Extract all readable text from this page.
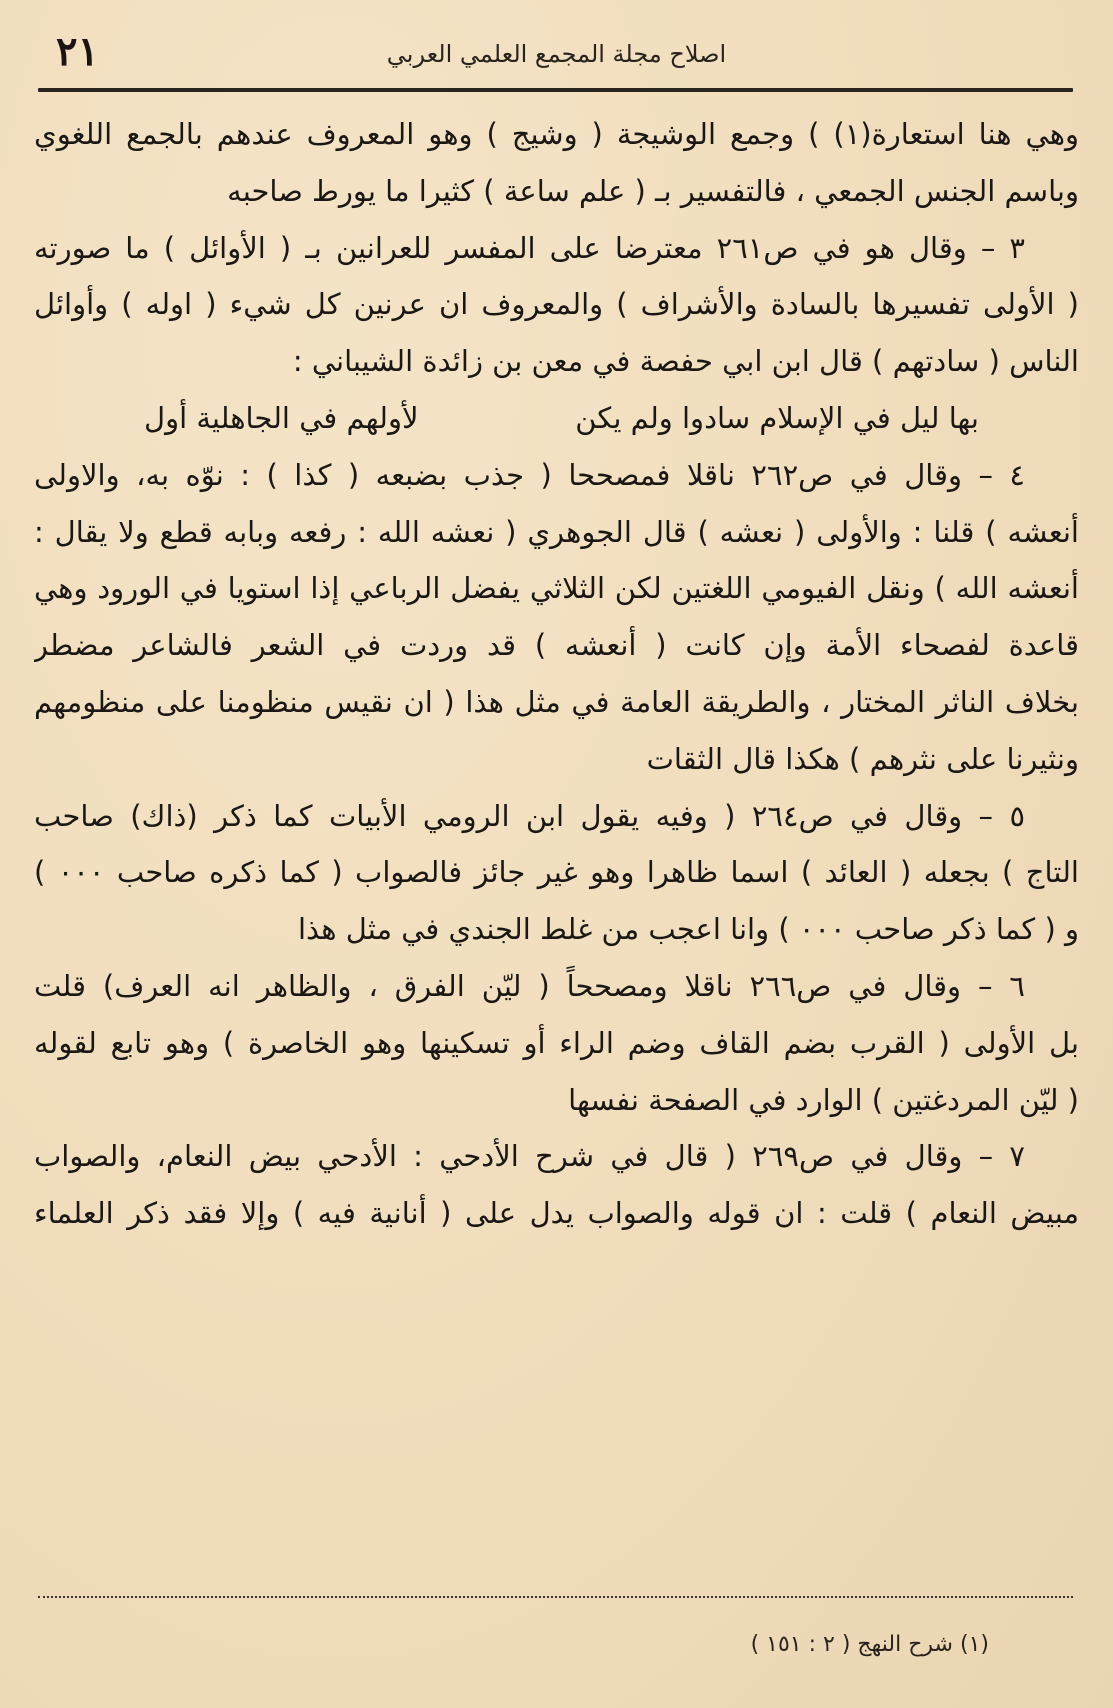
٢١	اصلاح مجلة المجمع العلمي العربي
وهي هنا استعارة(١) ) وجمع الوشيجة ( وشيج ) وهو المعروف عندهم بالجمع اللغوي
وباسم الجنس الجمعي ، فالتفسير بـ ( علم ساعة ) كثيرا ما يورط صاحبه
٣ – وقال هو في ص٢٦١ معترضا على المفسر للعرانين بـ ( الأوائل ) ما صورته
( الأولى تفسيرها بالسادة والأشراف ) والمعروف ان عرنين كل شيء ( اوله ) وأوائل
الناس ( سادتهم ) قال ابن ابي حفصة في معن بن زائدة الشيباني :
بها ليل في الإسلام سادوا ولم يكن
لأولهم في الجاهلية أول
٤ – وقال في ص٢٦٢ ناقلا فمصححا ( جذب بضبعه ( كذا ) : نوّه به، والاولى
أنعشه ) قلنا : والأولى ( نعشه ) قال الجوهري ( نعشه الله : رفعه وبابه قطع ولا يقال :
أنعشه الله ) ونقل الفيومي اللغتين لكن الثلاثي يفضل الرباعي إذا استويا في الورود وهي
قاعدة لفصحاء الأمة وإن كانت ( أنعشه ) قد وردت في الشعر فالشاعر مضطر
بخلاف الناثر المختار ، والطريقة العامة في مثل هذا ( ان نقيس منظومنا على منظومهم
ونثيرنا على نثرهم ) هكذا قال الثقات
٥ – وقال في ص٢٦٤ ( وفيه يقول ابن الرومي الأبيات كما ذكر (ذاك) صاحب
التاج ) بجعله ( العائد ) اسما ظاهرا وهو غير جائز فالصواب ( كما ذكره صاحب ٠٠٠ )
و ( كما ذكر صاحب ٠٠٠ ) وانا اعجب من غلط الجندي في مثل هذا
٦ – وقال في ص٢٦٦ ناقلا ومصححاً ( ليّن الفرق ، والظاهر انه العرف) قلت
بل الأولى ( القرب بضم القاف وضم الراء أو تسكينها وهو الخاصرة ) وهو تابع لقوله
( ليّن المردغتين ) الوارد في الصفحة نفسها
٧ – وقال في ص٢٦٩ ( قال في شرح الأدحي : الأدحي بيض النعام، والصواب
مبيض النعام ) قلت : ان قوله والصواب يدل على ( أنانية فيه ) وإلا فقد ذكر العلماء
(١) شرح النهج ( ٢ : ١٥١ )
